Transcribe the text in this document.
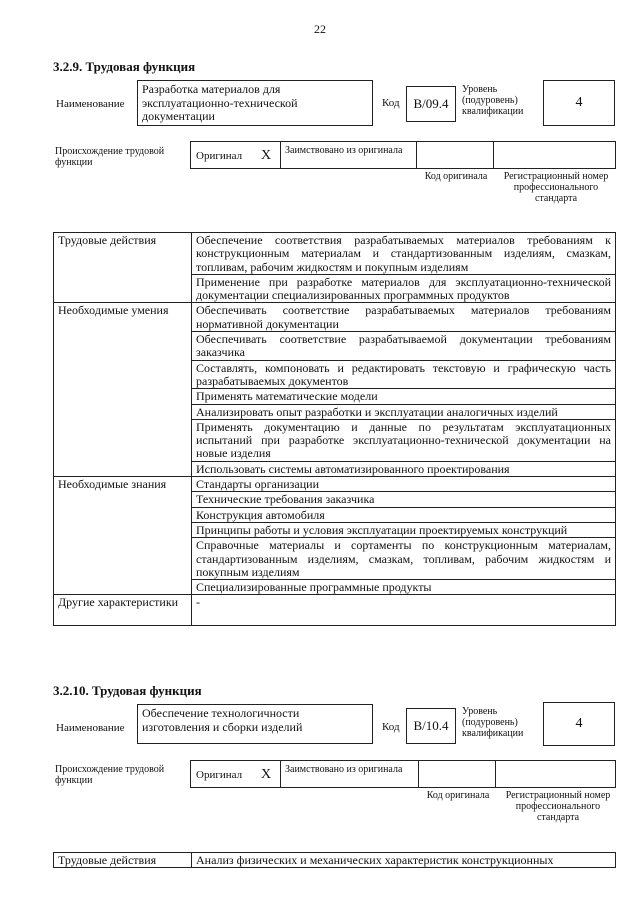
22
3.2.9. Трудовая функция
Наименование
Разработка материалов для эксплуатационно-технической документации
Код	B/09.4
Уровень (подуровень) квалификации
4
Происхождение трудовой функции
Оригинал X Заимствовано из оригинала
Код оригинала	Регистрационный номер профессионального стандарта
Трудовые действия	Обеспечение соответствия разрабатываемых материалов требованиям к конструкционным материалам и стандартизованным изделиям, смазкам, топливам, рабочим жидкостям и покупным изделиям
	Применение при разработке материалов для эксплуатационно-технической документации специализированных программных продуктов
Необходимые умения	Обеспечивать соответствие разрабатываемых материалов требованиям нормативной документации
	Обеспечивать соответствие разрабатываемой документации требованиям заказчика
	Составлять, компоновать и редактировать текстовую и графическую часть разрабатываемых документов
	Применять математические модели
	Анализировать опыт разработки и эксплуатации аналогичных изделий
	Применять документацию и данные по результатам эксплуатационных испытаний при разработке эксплуатационно-технической документации на новые изделия
	Использовать системы автоматизированного проектирования
Необходимые знания	Стандарты организации
	Технические требования заказчика
	Конструкция автомобиля
	Принципы работы и условия эксплуатации проектируемых конструкций
	Справочные материалы и сортаменты по конструкционным материалам, стандартизованным изделиям, смазкам, топливам, рабочим жидкостям и покупным изделиям
	Специализированные программные продукты
Другие характеристики	-
3.2.10. Трудовая функция
Наименование
Обеспечение технологичности изготовления и сборки изделий	Код	B/10.4
Уровень (подуровень) квалификации
4
Происхождение трудовой функции	Оригинал X Заимствовано из оригинала
Код оригинала	Регистрационный номер профессионального стандарта
Трудовые действия	Анализ физических и механических характеристик конструкционных
